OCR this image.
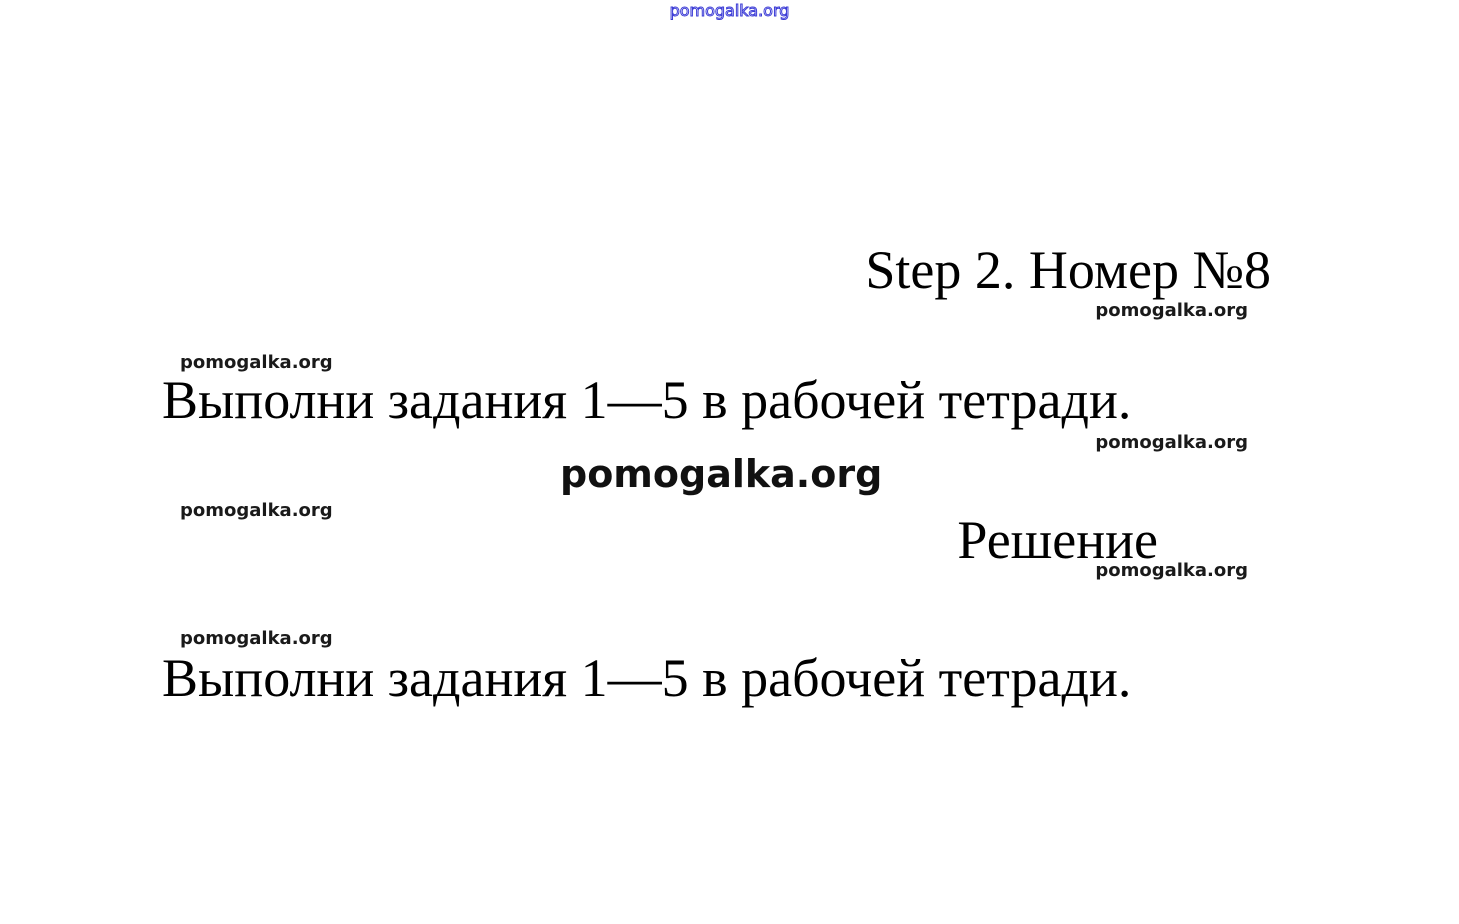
pomogalka.org
Step 2. Номер №8
pomogalka.org
pomogalka.org
Выполни задания 1—5 в рабочей тетради.
pomogalka.org
pomogalka.org
pomogalka.org	Решение
pomogalka.org
pomogalka.org
Выполни задания 1—5 в рабочей тетради.
